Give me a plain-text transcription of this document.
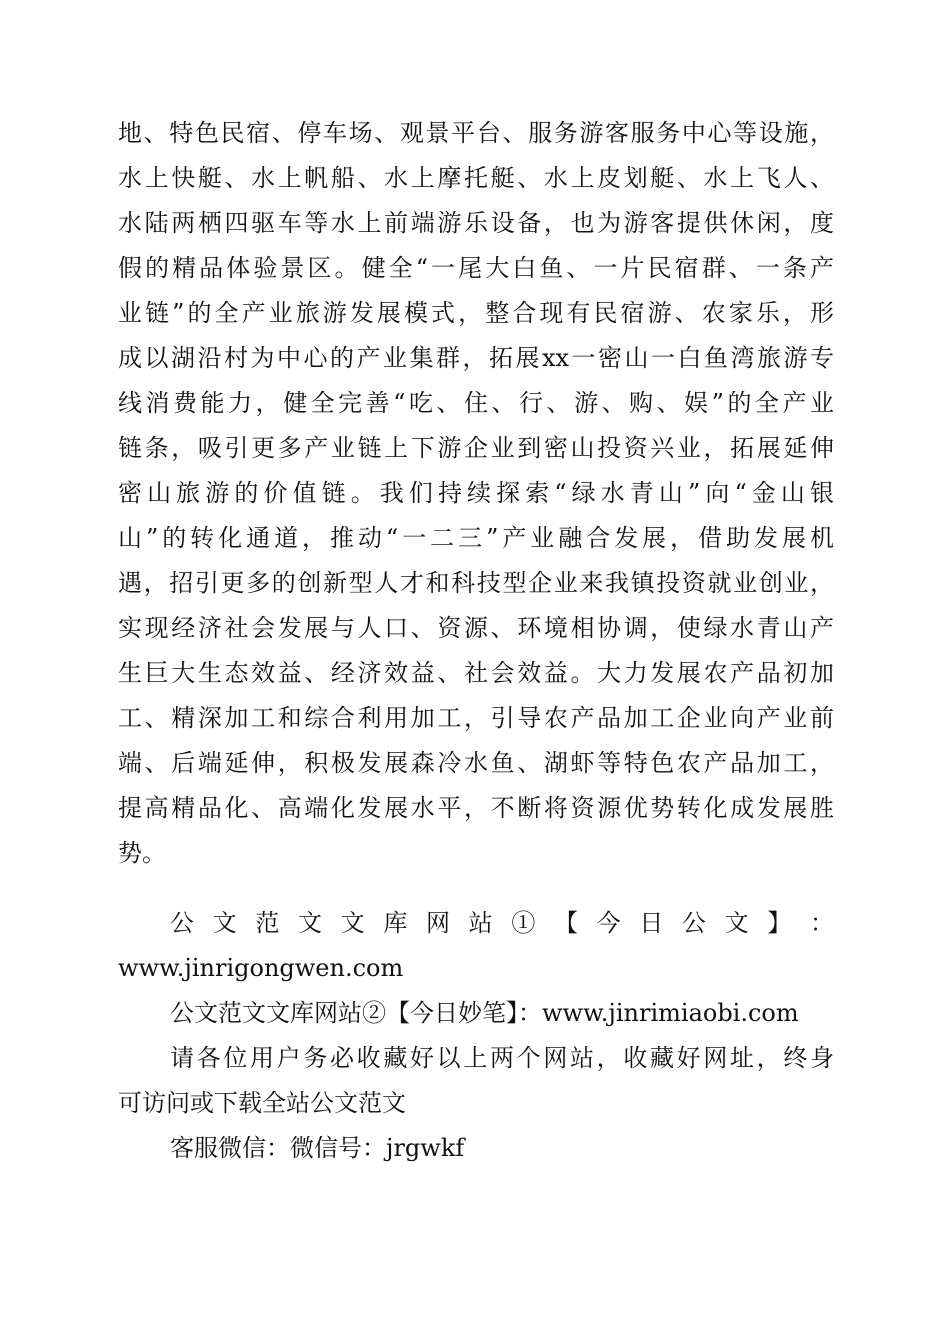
地、特色民宿、停车场、观景平台、服务游客服务中心等设施，
水上快艇、水上帆船、水上摩托艇、水上皮划艇、水上飞人、
水陆两栖四驱车等水上前端游乐设备，也为游客提供休闲，度
假的精品体验景区。健全“一尾大白鱼、一片民宿群、一条产
业链”的全产业旅游发展模式，整合现有民宿游、农家乐，形
成以湖沿村为中心的产业集群，拓展xx一密山一白鱼湾旅游专
线消费能力，健全完善“吃、住、行、游、购、娱”的全产业
链条，吸引更多产业链上下游企业到密山投资兴业，拓展延伸
密山旅游的价值链。我们持续探索“绿水青山”向“金山银
山”的转化通道，推动“一二三”产业融合发展，借助发展机
遇，招引更多的创新型人才和科技型企业来我镇投资就业创业，
实现经济社会发展与人口、资源、环境相协调，使绿水青山产
生巨大生态效益、经济效益、社会效益。大力发展农产品初加
工、精深加工和综合利用加工，引导农产品加工企业向产业前
端、后端延伸，积极发展森冷水鱼、湖虾等特色农产品加工，
提高精品化、高端化发展水平，不断将资源优势转化成发展胜
势。
公 文 范 文 文 库 网 站 ① 【 今 日 公 文 】 ：
www.jinrigongwen.com
公文范文文库网站②【今日妙笔】：www.jinrimiaobi.com
请各位用户务必收藏好以上两个网站，收藏好网址，终身
可访问或下载全站公文范文
客服微信：微信号：jrgwkf
